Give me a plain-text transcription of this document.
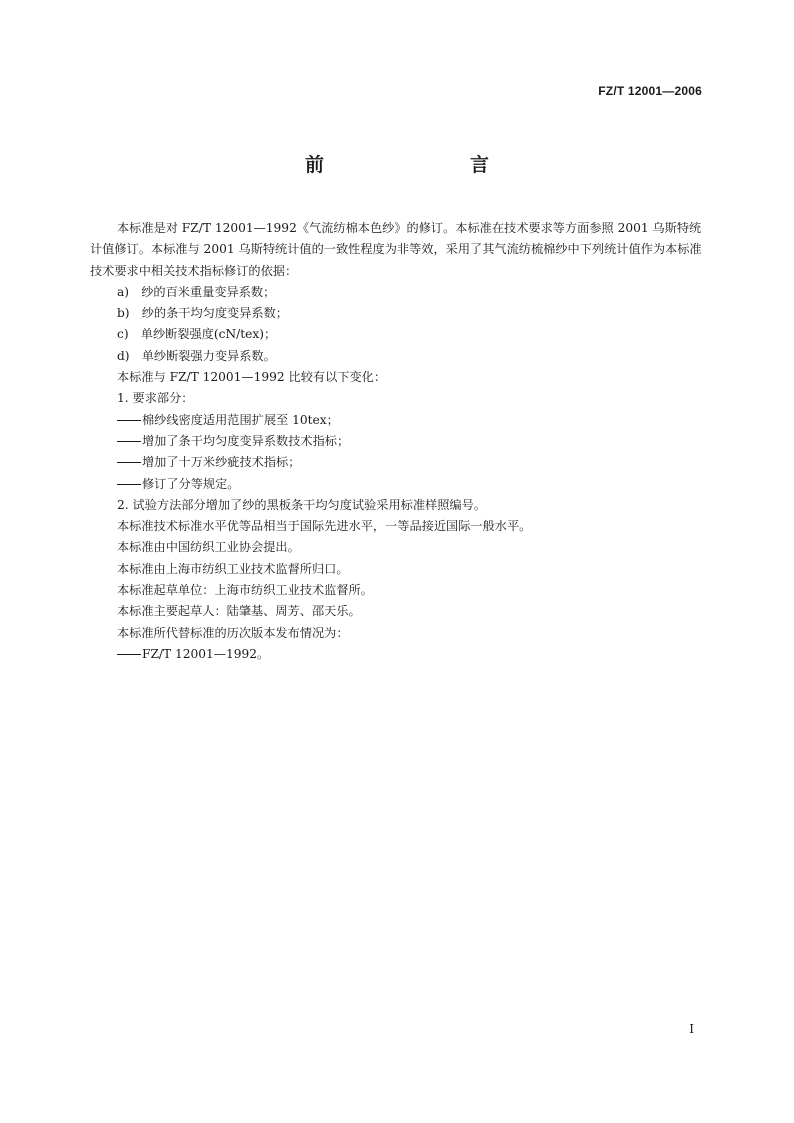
FZ/T 12001—2006
前　　言

本标准是对 FZ/T 12001—1992《气流纺棉本色纱》的修订。本标准在技术要求等方面参照 2001 乌斯特统计值修订。本标准与 2001 乌斯特统计值的一致性程度为非等效，采用了其气流纺梳棉纱中下列统计值作为本标准技术要求中相关技术指标修订的依据：

a)　纱的百米重量变异系数；

b)　纱的条干均匀度变异系数；

c)　单纱断裂强度(cN/tex)；

d)　单纱断裂强力变异系数。

本标准与 FZ/T 12001—1992 比较有以下变化：

1. 要求部分：

棉纱线密度适用范围扩展至 10tex；

增加了条干均匀度变异系数技术指标；

增加了十万米纱疵技术指标；

修订了分等规定。

2. 试验方法部分增加了纱的黑板条干均匀度试验采用标准样照编号。

本标准技术标准水平优等品相当于国际先进水平，一等品接近国际一般水平。

本标准由中国纺织工业协会提出。

本标准由上海市纺织工业技术监督所归口。

本标准起草单位：上海市纺织工业技术监督所。

本标准主要起草人：陆肇基、周芳、邵天乐。

本标准所代替标准的历次版本发布情况为：

FZ/T 12001—1992。

I
